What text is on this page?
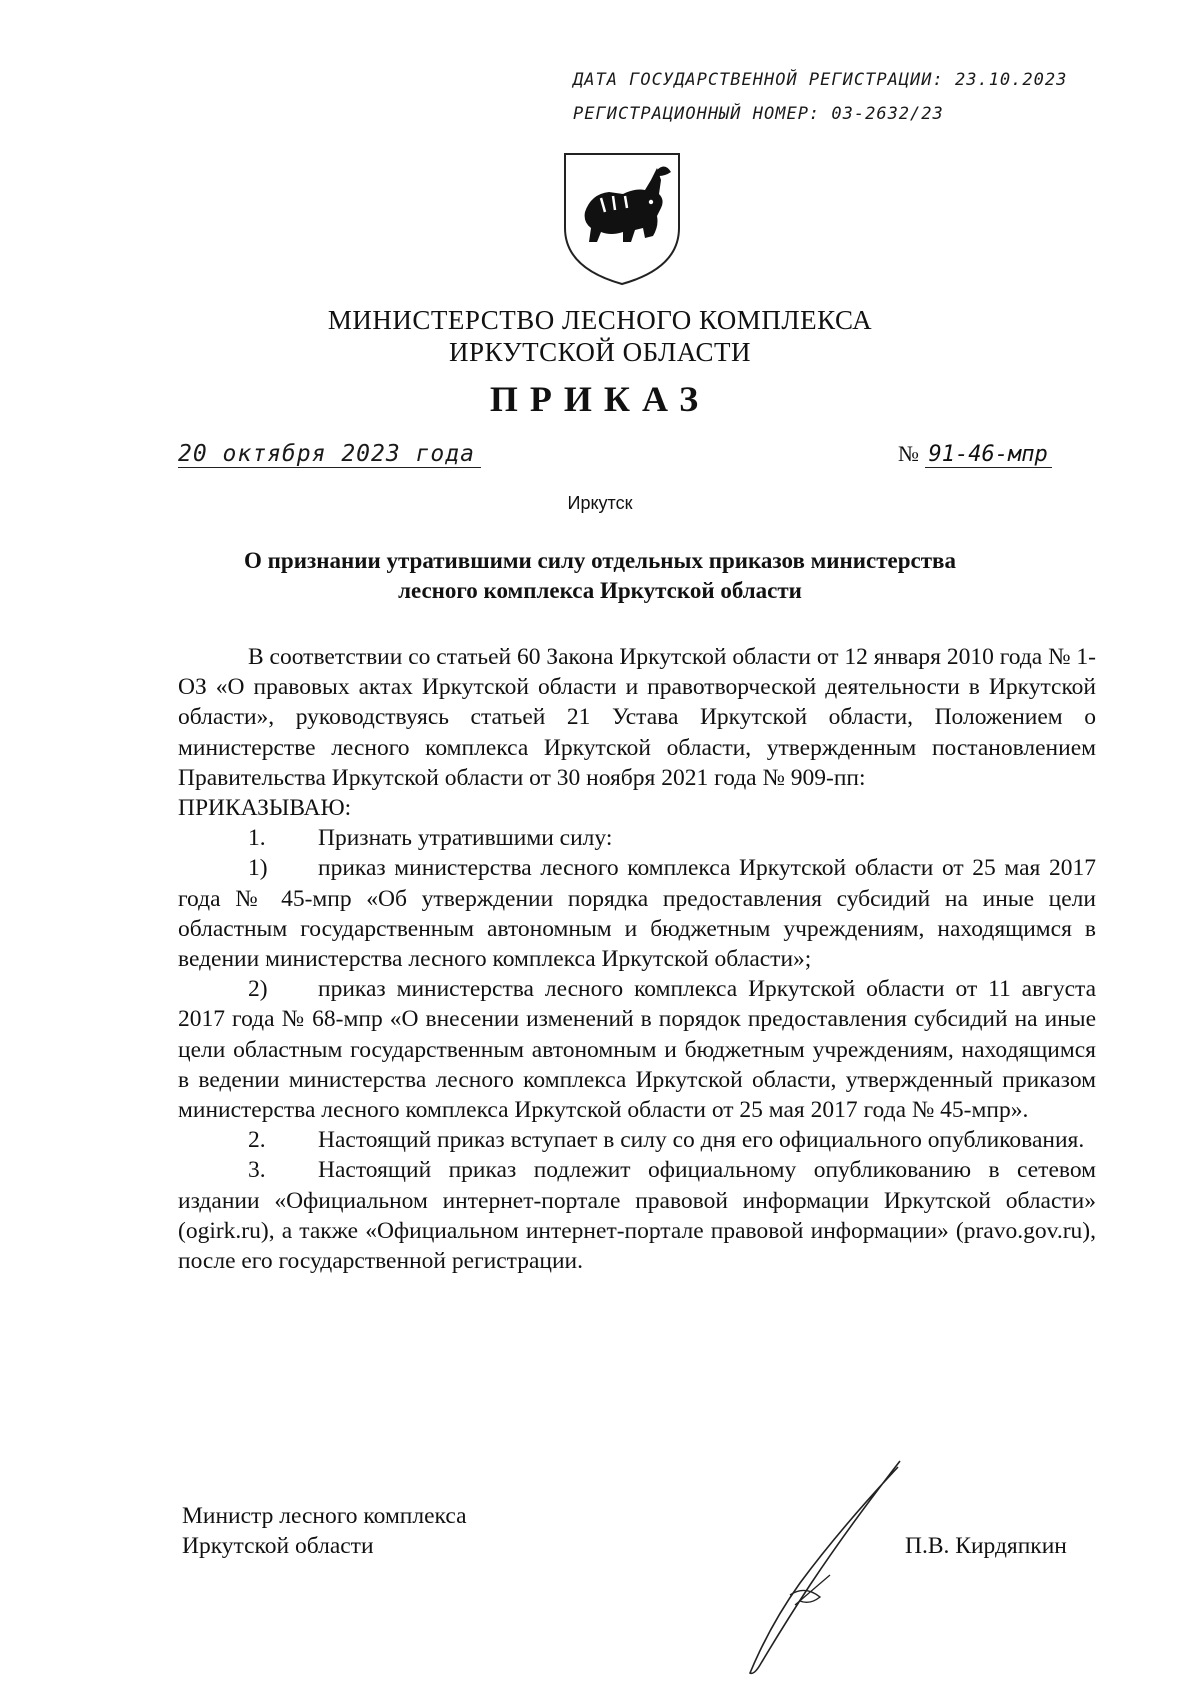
ДАТА ГОСУДАРСТВЕННОЙ РЕГИСТРАЦИИ: 23.10.2023
РЕГИСТРАЦИОННЫЙ НОМЕР: 03-2632/23
МИНИСТЕРСТВО ЛЕСНОГО КОМПЛЕКСА
ИРКУТСКОЙ ОБЛАСТИ
ПРИКАЗ
20 октября 2023 года	№ 91-46-мпр
Иркутск
О признании утратившими силу отдельных приказов министерства
лесного комплекса Иркутской области

В соответствии со статьей 60 Закона Иркутской области от 12 января 2010 года № 1-ОЗ «О правовых актах Иркутской области и правотворческой деятельности в Иркутской области», руководствуясь статьей 21 Устава Иркутской области, Положением о министерстве лесного комплекса Иркутской области, утвержденным постановлением Правительства Иркутской области от 30 ноября 2021 года № 909-пп:

ПРИКАЗЫВАЮ:

1. Признать утратившими силу:

1) приказ министерства лесного комплекса Иркутской области от 25 мая 2017 года № 45-мпр «Об утверждении порядка предоставления субсидий на иные цели областным государственным автономным и бюджетным учреждениям, находящимся в ведении министерства лесного комплекса Иркутской области»;

2) приказ министерства лесного комплекса Иркутской области от 11 августа 2017 года № 68-мпр «О внесении изменений в порядок предоставления субсидий на иные цели областным государственным автономным и бюджетным учреждениям, находящимся в ведении министерства лесного комплекса Иркутской области, утвержденный приказом министерства лесного комплекса Иркутской области от 25 мая 2017 года № 45-мпр».

2. Настоящий приказ вступает в силу со дня его официального опубликования.

3. Настоящий приказ подлежит официальному опубликованию в сетевом издании «Официальном интернет-портале правовой информации Иркутской области» (ogirk.ru), а также «Официальном интернет-портале правовой информации» (pravo.gov.ru), после его государственной регистрации.

Министр лесного комплекса
Иркутской области	П.В. Кирдяпкин
